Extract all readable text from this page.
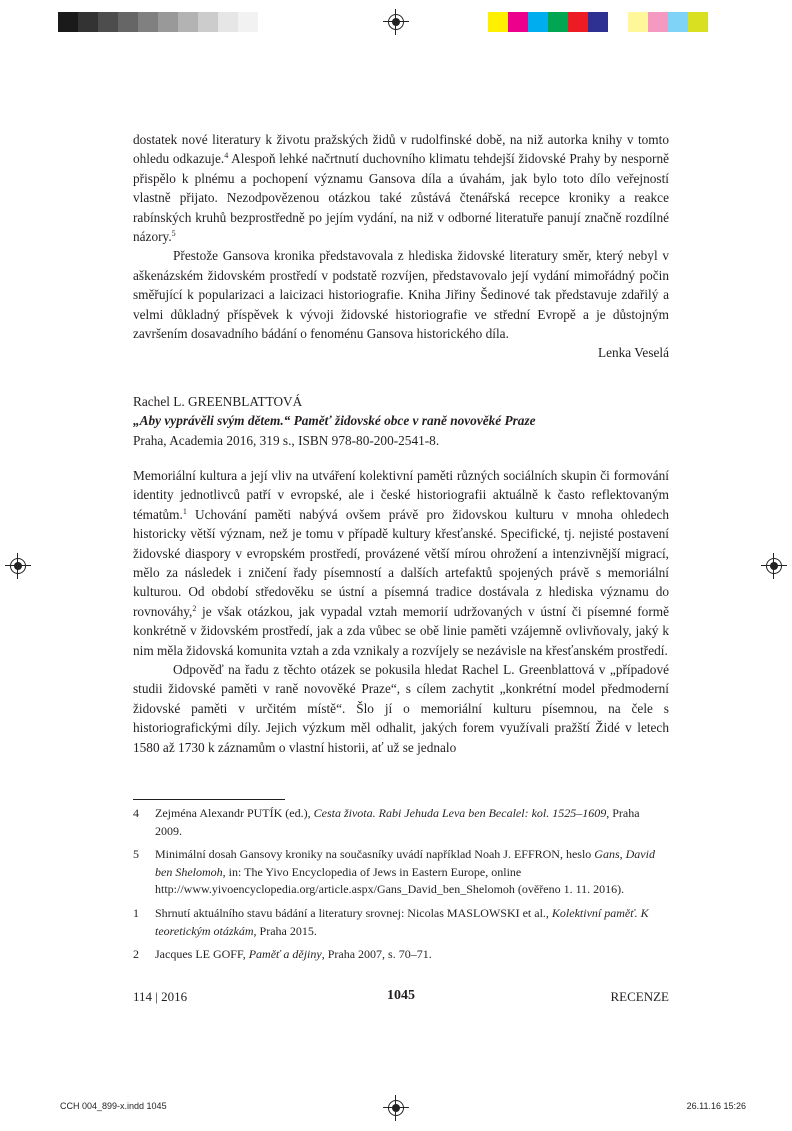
dostatek nové literatury k životu pražských židů v rudolfinské době, na niž autorka knihy v tomto ohledu odkazuje.$^4$ Alespoň lehké načrtnutí duchovního klimatu tehdejší židovské Prahy by nesporně přispělo k plnému a pochopení významu Gansova díla a úvahám, jak bylo toto dílo veřejností vlastně přijato. Nezodpovězenou otázkou také zůstává čtenářská recepce kroniky a reakce rabínských kruhů bezprostředně po jejím vydání, na niž v odborné literatuře panují značně rozdílné názory.$^5$

Přestože Gansova kronika představovala z hlediska židovské literatury směr, který nebyl v aškenázském židovském prostředí v podstatě rozvíjen, představovalo její vydání mimořádný počin směřující k popularizaci a laicizaci historiografie. Kniha Jiřiny Šedinové tak představuje zdařilý a velmi důkladný příspěvek k vývoji židovské historiografie ve střední Evropě a je důstojným završením dosavadního bádání o fenoménu Gansova historického díla.

Lenka Veselá

Rachel L. GREENBLATTOVÁ

„Aby vyprávěli svým dětem.“ Paměť židovské obce v raně novověké Praze

Praha, Academia 2016, 319 s., ISBN 978-80-200-2541-8.

Memoriální kultura a její vliv na utváření kolektivní paměti různých sociálních skupin či formování identity jednotlivců patří v evropské, ale i české historiografii aktuálně k často reflektovaným tématům.$^1$ Uchování paměti nabývá ovšem právě pro židovskou kulturu v mnoha ohledech historicky větší význam, než je tomu v případě kultury křesťanské. Specifické, tj. nejisté postavení židovské diaspory v evropském prostředí, provázené větší mírou ohrožení a intenzivnější migrací, mělo za následek i zničení řady písemností a dalších artefaktů spojených právě s memoriální kulturou. Od období středověku se ústní a písemná tradice dostávala z hlediska významu do rovnováhy,$^2$ je však otázkou, jak vypadal vztah memorií udržovaných v ústní či písemné formě konkrétně v židovském prostředí, jak a zda vůbec se obě linie paměti vzájemně ovlivňovaly, jaký k nim měla židovská komunita vztah a zda vznikaly a rozvíjely se nezávisle na křesťanském prostředí.

Odpověď na řadu z těchto otázek se pokusila hledat Rachel L. Greenblattová v „případové studii židovské paměti v raně novověké Praze“, s cílem zachytit „konkrétní model předmoderní židovské paměti v určitém místě“. Šlo jí o memoriální kulturu písemnou, na čele s historiografickými díly. Jejich výzkum měl odhalit, jakých forem využívali pražští Židé v letech 1580 až 1730 k záznamům o vlastní historii, ať už se jednalo

4	Zejména Alexandr PUTÍK (ed.), Cesta života. Rabi Jehuda Leva ben Becalel: kol. 1525–1609, Praha 2009.
5	Minimální dosah Gansovy kroniky na současníky uvádí například Noah J. EFFRON, heslo Gans, David ben Shelomoh, in: The Yivo Encyclopedia of Jews in Eastern Europe, online http://www.yivoencyclopedia.org/article.aspx/Gans_David_ben_Shelomoh (ověřeno 1. 11. 2016).
1	Shrnutí aktuálního stavu bádání a literatury srovnej: Nicolas MASLOWSKI et al., Kolektivní paměť. K teoretickým otázkám, Praha 2015.
2	Jacques LE GOFF, Paměť a dějiny, Praha 2007, s. 70–71.
114 | 2016	1045	RECENZE
CCH 004_899-x.indd 1045	26.11.16 15:26
